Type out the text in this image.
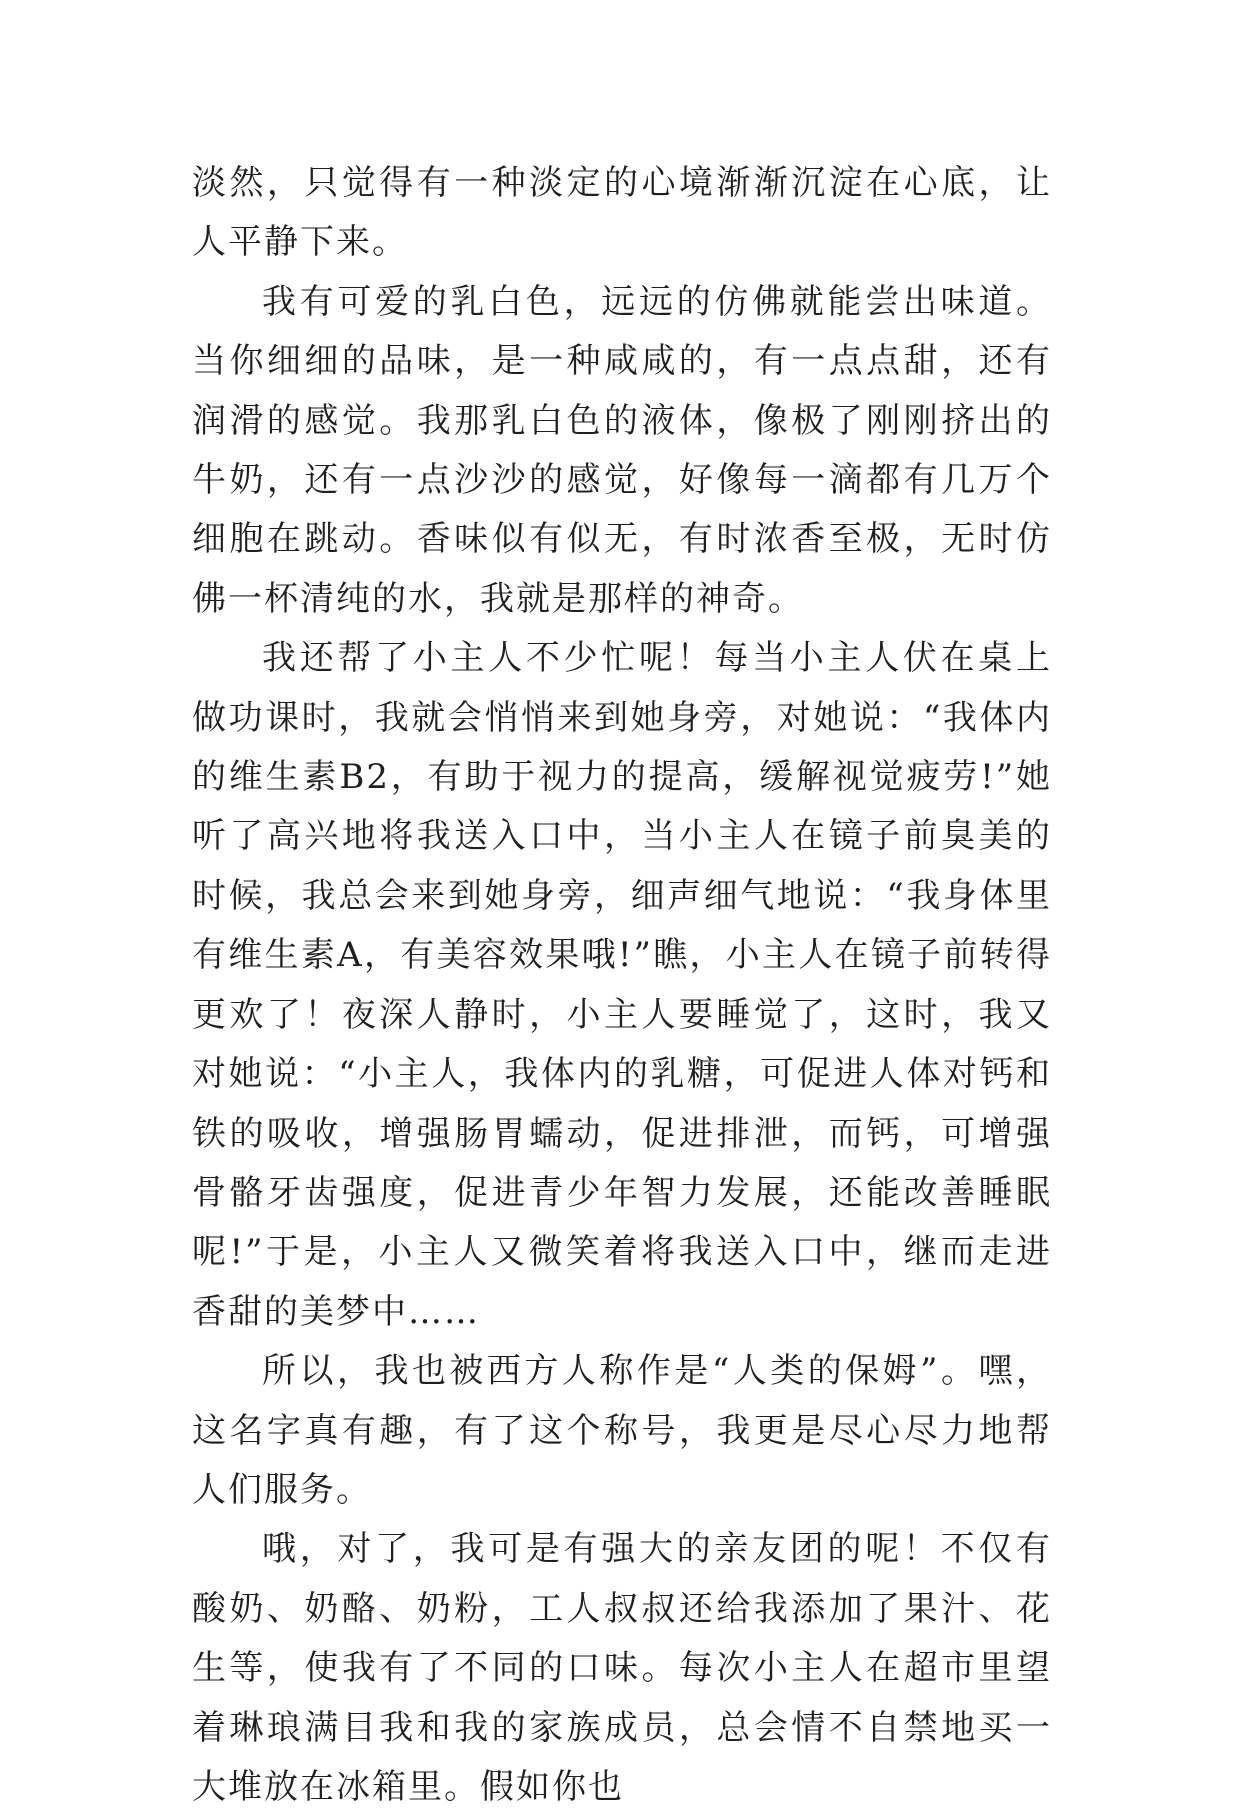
淡然，只觉得有一种淡定的心境渐渐沉淀在心底，让人平静下来。

我有可爱的乳白色，远远的仿佛就能尝出味道。当你细细的品味，是一种咸咸的，有一点点甜，还有润滑的感觉。我那乳白色的液体，像极了刚刚挤出的牛奶，还有一点沙沙的感觉，好像每一滴都有几万个细胞在跳动。香味似有似无，有时浓香至极，无时仿佛一杯清纯的水，我就是那样的神奇。

我还帮了小主人不少忙呢！每当小主人伏在桌上做功课时，我就会悄悄来到她身旁，对她说：“我体内的维生素B2，有助于视力的提高，缓解视觉疲劳!”她听了高兴地将我送入口中，当小主人在镜子前臭美的时候，我总会来到她身旁，细声细气地说：“我身体里有维生素A，有美容效果哦!”瞧，小主人在镜子前转得更欢了！夜深人静时，小主人要睡觉了，这时，我又对她说：“小主人，我体内的乳糖，可促进人体对钙和铁的吸收，增强肠胃蠕动，促进排泄，而钙，可增强骨骼牙齿强度，促进青少年智力发展，还能改善睡眠呢!”于是，小主人又微笑着将我送入口中，继而走进香甜的美梦中……

所以，我也被西方人称作是“人类的保姆”。嘿，这名字真有趣，有了这个称号，我更是尽心尽力地帮人们服务。

哦，对了，我可是有强大的亲友团的呢！不仅有酸奶、奶酪、奶粉，工人叔叔还给我添加了果汁、花生等，使我有了不同的口味。每次小主人在超市里望着琳琅满目我和我的家族成员，总会情不自禁地买一大堆放在冰箱里。假如你也
